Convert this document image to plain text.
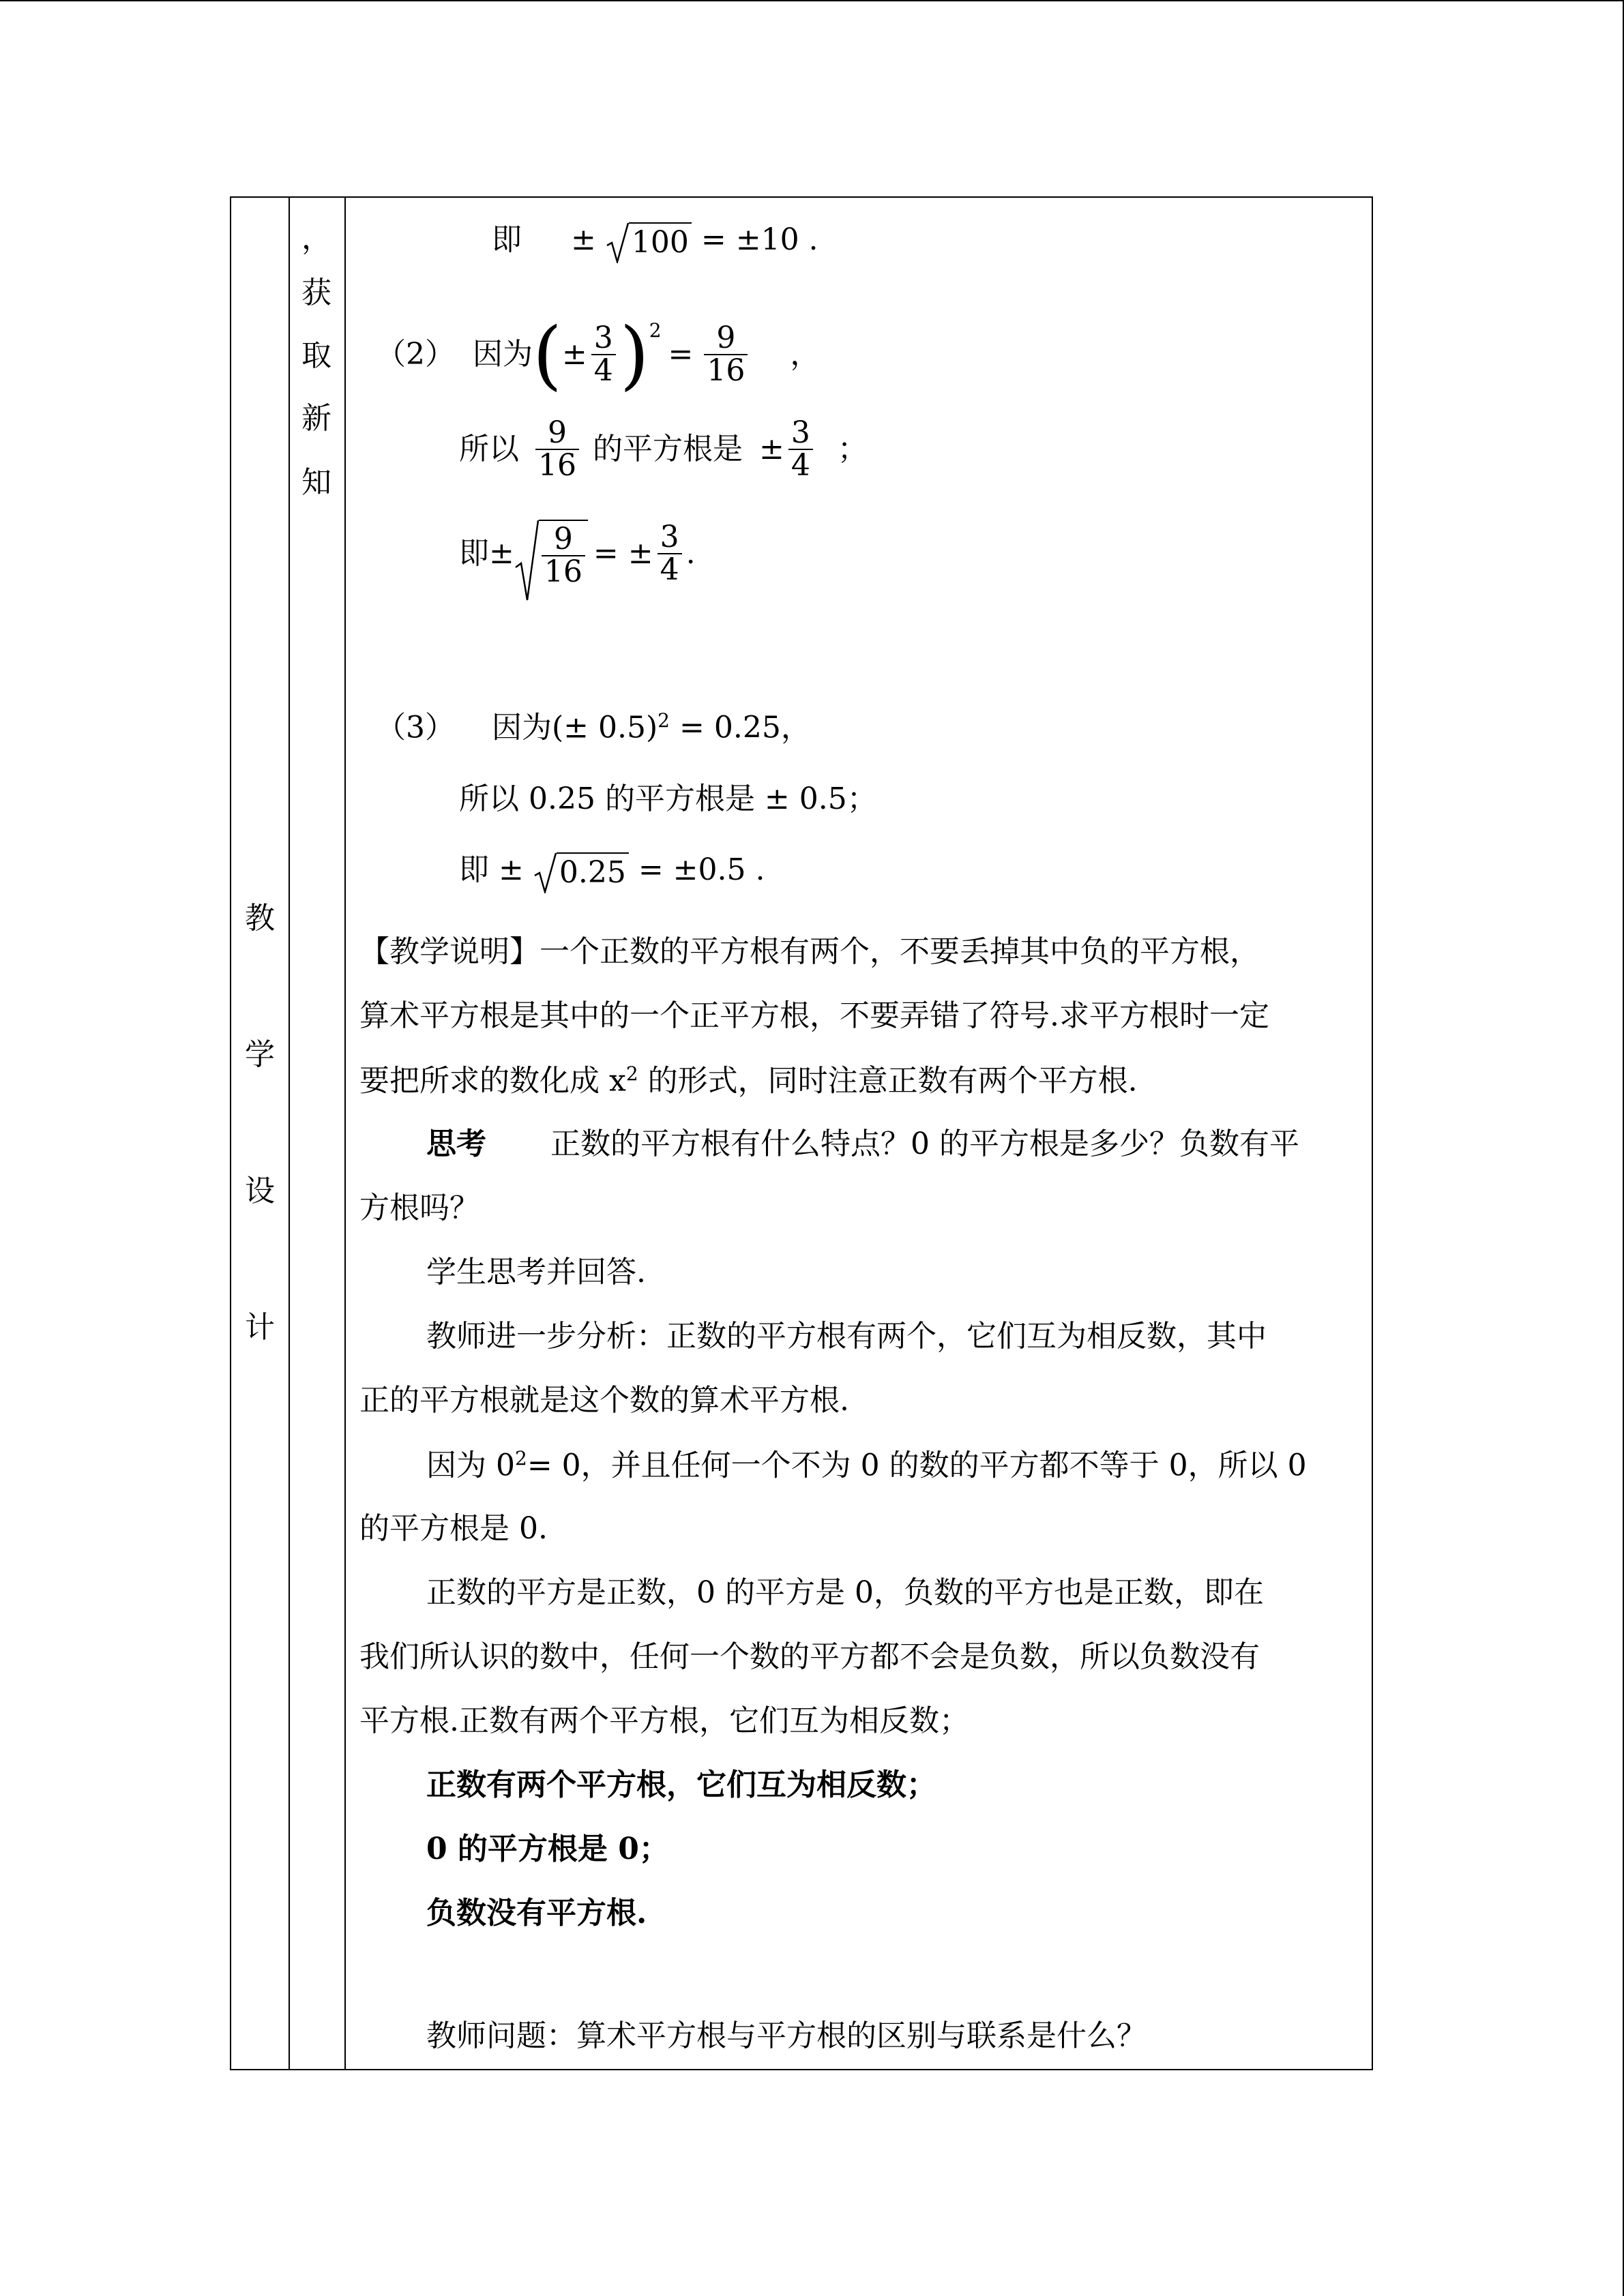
教
学
设
计
，
获
取
新
知
即 ± 100 = ±10 .
（2） 因为 ( ± $\frac{3}{4} )^2$
= $\frac{9}{16}$ ，
所以 $\frac{9}{16}$ 的平方根是 ± $\frac{3}{4}$ ；
即 ± $\frac{9}{16}$ = ± $\frac{3}{4}$ .
（3） 因为(± 0.5)$^2$ = 0.25，
所以 0.25 的平方根是 ± 0.5；
即 ± 0.25 = ±0.5 .
【教学说明】一个正数的平方根有两个，不要丢掉其中负的平方根，
算术平方根是其中的一个正平方根，不要弄错了符号.求平方根时一定
要把所求的数化成 $x^2$ 的形式，同时注意正数有两个平方根.
思考 正数的平方根有什么特点？0 的平方根是多少？负数有平
方根吗？
学生思考并回答.
教师进一步分析：正数的平方根有两个，它们互为相反数，其中
正的平方根就是这个数的算术平方根.
因为 $0^2= 0$，并且任何一个不为 0 的数的平方都不等于 0，所以 0
的平方根是 0.
正数的平方是正数，0 的平方是 0，负数的平方也是正数，即在
我们所认识的数中，任何一个数的平方都不会是负数，所以负数没有
平方根.正数有两个平方根，它们互为相反数；
正数有两个平方根，它们互为相反数；
0 的平方根是 0；
负数没有平方根.
教师问题：算术平方根与平方根的区别与联系是什么？
